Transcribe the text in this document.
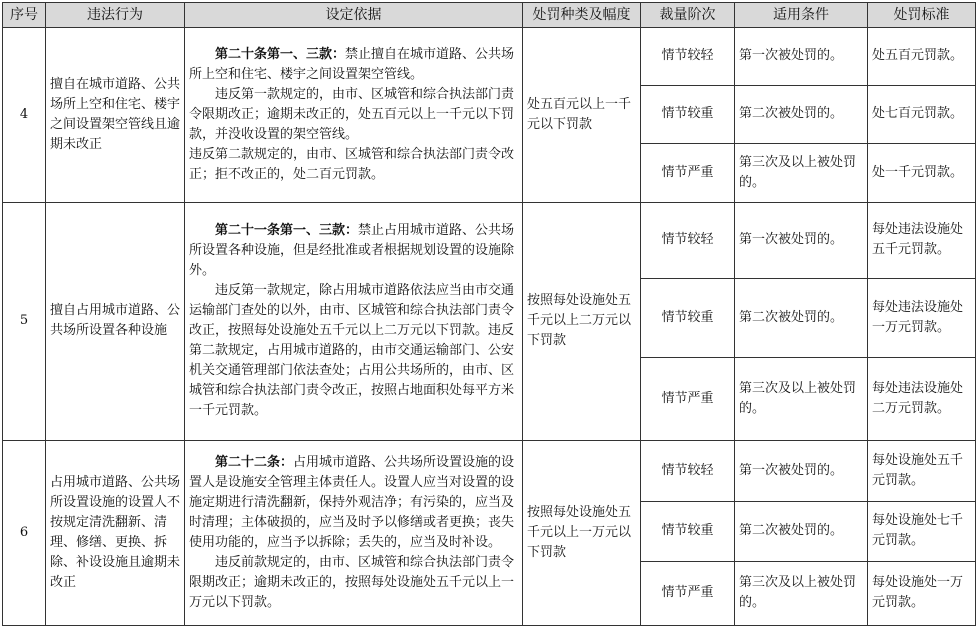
序号	违法行为	设定依据	处罚种类及幅度	裁量阶次	适用条件	处罚标准
4	擅自在城市道路、公共场所上空和住宅、楼宇之间设置架空管线且逾期未改正	第二十条第一、三款：禁止擅自在城市道路、公共场所上空和住宅、楼宇之间设置架空管线。

违反第一款规定的，由市、区城管和综合执法部门责令限期改正；逾期未改正的，处五百元以上一千元以下罚款，并没收设置的架空管线。

违反第二款规定的，由市、区城管和综合执法部门责令改正；拒不改正的，处二百元罚款。	处五百元以上一千元以下罚款	情节较轻	第一次被处罚的。	处五百元罚款。
				情节较重	第二次被处罚的。	处七百元罚款。
				情节严重	第三次及以上被处罚的。	处一千元罚款。
5	擅自占用城市道路、公共场所设置各种设施	第二十一条第一、三款：禁止占用城市道路、公共场所设置各种设施，但是经批准或者根据规划设置的设施除外。

违反第一款规定，除占用城市道路依法应当由市交通运输部门查处的以外，由市、区城管和综合执法部门责令改正，按照每处设施处五千元以上二万元以下罚款。违反第二款规定，占用城市道路的，由市交通运输部门、公安机关交通管理部门依法查处；占用公共场所的，由市、区城管和综合执法部门责令改正，按照占地面积处每平方米一千元罚款。	按照每处设施处五千元以上二万元以下罚款	情节较轻	第一次被处罚的。	每处违法设施处五千元罚款。
				情节较重	第二次被处罚的。	每处违法设施处一万元罚款。
				情节严重	第三次及以上被处罚的。	每处违法设施处二万元罚款。
6	占用城市道路、公共场所设置设施的设置人不按规定清洗翻新、清理、修缮、更换、拆除、补设设施且逾期未改正	第二十二条：占用城市道路、公共场所设置设施的设置人是设施安全管理主体责任人。设置人应当对设置的设施定期进行清洗翻新，保持外观洁净；有污染的，应当及时清理；主体破损的，应当及时予以修缮或者更换；丧失使用功能的，应当予以拆除；丢失的，应当及时补设。

违反前款规定的，由市、区城管和综合执法部门责令限期改正；逾期未改正的，按照每处设施处五千元以上一万元以下罚款。	按照每处设施处五千元以上一万元以下罚款	情节较轻	第一次被处罚的。	每处设施处五千元罚款。
				情节较重	第二次被处罚的。	每处设施处七千元罚款。
				情节严重	第三次及以上被处罚的。	每处设施处一万元罚款。
